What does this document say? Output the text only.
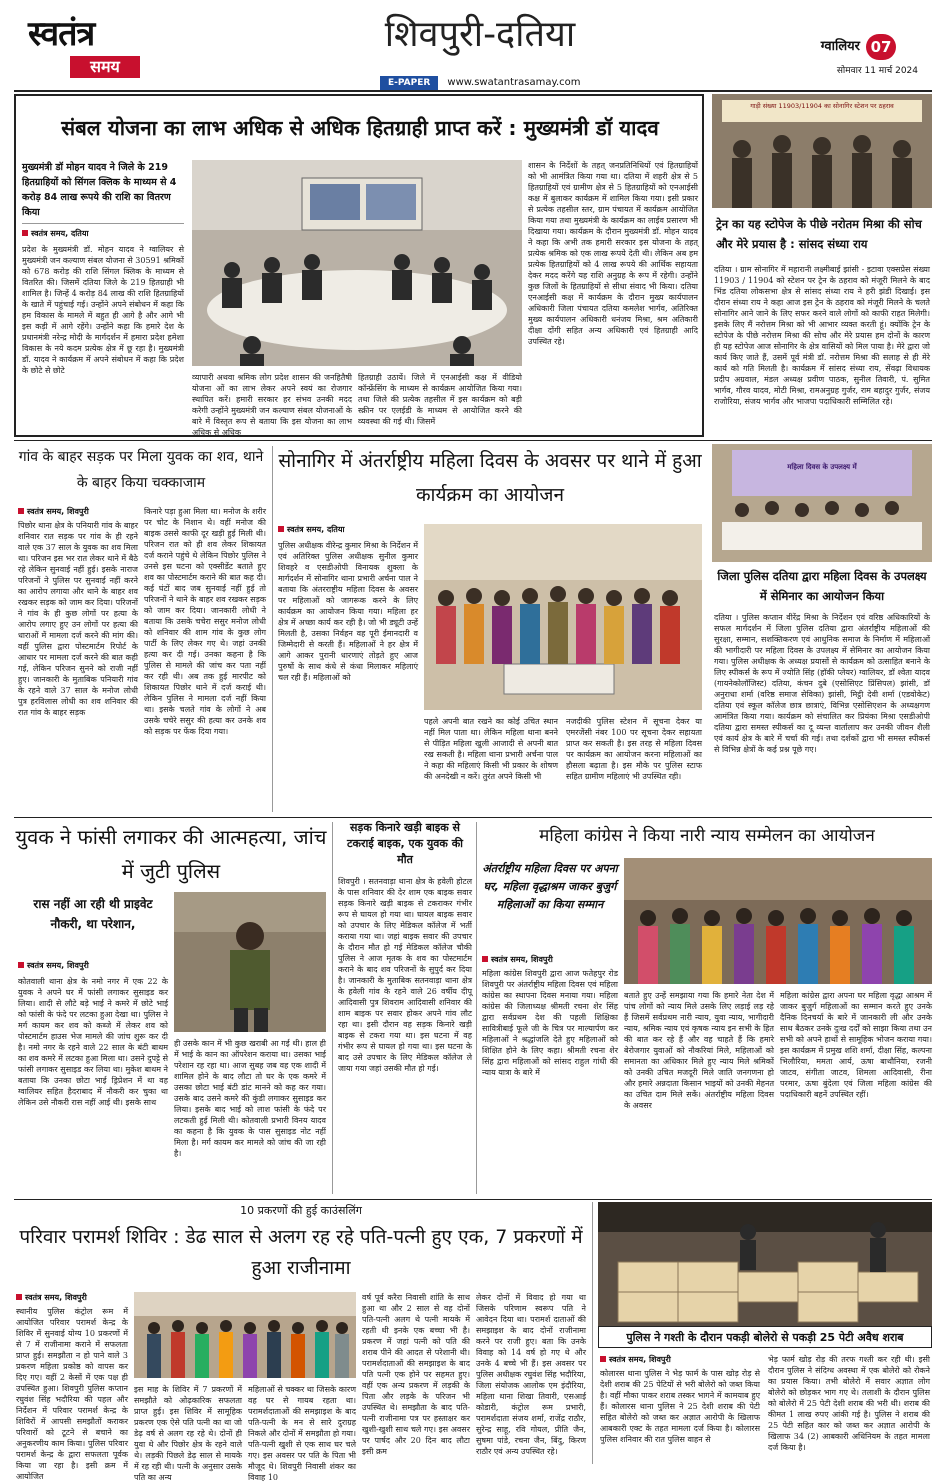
स्वतंत्र
समय
शिवपुरी-दतिया
E-PAPER www.swatantrasamay.com
ग्वालियर 07
सोमवार 11 मार्च 2024
संबल योजना का लाभ अधिक से अधिक हितग्राही प्राप्त करें : मुख्यमंत्री डॉ यादव
मुख्यमंत्री डॉ मोहन यादव ने जिले के 219 हितग्राहियों को सिंगल क्लिक के माध्यम से 4 करोड़ 84 लाख रूपये की राशि का वितरण किया
स्वतंत्र समय, दतिया
प्रदेश के मुख्यमंत्री डॉ. मोहन यादव ने ग्वालियर से मुख्यमंत्री जन कल्याण संबल योजना से 30591 श्रमिकों को 678 करोड़ की राशि सिंगल क्लिक के माध्यम से वितरित की। जिसमें दतिया जिले के 219 हितग्राही भी शामिल है। जिन्हें 4 करोड़ 84 लाख की राशि हितग्राहियों के खाते में पहुंचाई गई। उन्होंने अपने संबोधन में कहा कि हम विकास के मामले में बहुत ही आगे है और आगे भी इस कड़ी में आगे रहेंगे। उन्होंने कहा कि हमारे देश के प्रधानमंत्री नरेन्द्र मोदी के मार्गदर्शन में हमारा प्रदेश हमेशा विकास के नये कदम प्रत्येक क्षेत्र में छू रहा है। मुख्यमंत्री डॉ. यादव ने कार्यक्रम में अपने संबोधन में कहा कि प्रदेश के छोटे से छोटे
व्यापारी अथवा श्रमिक लोग प्रदेश शासन की जनहितैषी योजना ओं का लाभ लेकर अपने स्वयं का रोजगार स्थापित करें। हमारी सरकार हर संभव उनकी मदद करेगी उन्होंने मुख्यमंत्री जन कल्याण संबल योजनाओं के बारे में विस्तृत रूप से बताया कि इस योजना का लाभ अधिक से अधिक
हितग्राही उठायें। जिले में एनआईसी कक्ष में वीडियो कॉन्फ्रेंसिंग के माध्यम से कार्यक्रम आयोजित किया गया। तथा जिले की प्रत्येक तहसील में इस कार्यक्रम को बड़ी स्क्रीन पर एलईडी के माध्यम से आयोजित करने की व्यवस्था की गई थी। जिसमें
शासन के निर्देशों के तहत् जनप्रतिनिधियों एवं हितग्राहियों को भी आमंत्रित किया गया था। दतिया में शहरी क्षेत्र से 5 हितग्राहियों एवं ग्रामीण क्षेत्र से 5 हितग्राहियों को एनआईसी कक्ष में बुलाकर कार्यक्रम में शामिल किया गया। इसी प्रकार से प्रत्येक तहसील स्तर, ग्राम पंचायत में कार्यक्रम आयोजित किया गया तथा मुख्यमंत्री के कार्यक्रम का लाईव प्रसारण भी दिखाया गया। कार्यक्रम के दौरान मुख्यमंत्री डॉ. मोहन यादव ने कहा कि अभी तक हमारी सरकार इस योजना के तहत् प्रत्येक श्रमिक को एक लाख रूपये देती थी। लेकिन अब हम प्रत्येक हितग्राहियों को 4 लाख रूपये की आर्थिक सहायता देकर मदद करेंगे यह राशि अनुग्रह के रूप में रहेगी। उन्होंने कुछ जिलों के हितग्राहियों से सीधा संवाद भी किया। दतिया एनआईसी कक्ष में कार्यक्रम के दौरान मुख्य कार्यपालन अधिकारी जिला पंचायत दतिया कमलेश भार्गव, अतिरिक्त मुख्य कार्यपालन अधिकारी धनंजय मिश्रा, श्रम अतिकारी दीक्षा दोंगी सहित अन्य अधिकारी एवं हितग्राही आदि उपस्थित रहे।
गाड़ी संख्या 11903/11904 का सोनागिर स्टेशन पर ठहराव
ट्रेन का यह स्टोपेज के पीछे नरोतम मिश्रा की सोच और मेरे प्रयास है : सांसद संध्या राय
दतिया । ग्राम सोनागिर में महारानी लक्ष्मीबाई झांसी - इटावा एक्सप्रेस संख्या 11903 / 11904 को स्टेशन पर ट्रेन के ठहराव को मंजूरी मिलने के बाद भिंड दतिया लोकसभा क्षेत्र से सांसद संध्या राय ने हरी झंडी दिखाई। इस दौरान संध्या राय ने कहा आज इस ट्रेन के ठहराव को मंजूरी मिलने के चलते सोनागिर आने जाने के लिए सफर करने वाले लोगों को काफी राहत मिलेगी। इसके लिए मैं नरोत्तम मिश्रा को भी आभार व्यक्त करती हूं। क्योंकि ट्रेन के स्टोपेज के पीछे नरोत्तम मिश्रा की सोच और मेरे प्रयास हम दोनों के कारण ही यह स्टोपेज आज सोनागिर के क्षेत्र वासियों को मिल पाया है। मेरे द्वारा जो कार्य किए जाते हैं, उसमें पूर्व मंत्री डॉ. नरोत्तम मिश्रा की सलाह से ही मेरे कार्य को गति मिलती है। कार्यक्रम में सांसद संध्या राय, सेंवढ़ा विधायक प्रदीप अग्रवाल, मंडल अध्यक्ष प्रवीण पाठक, सुनील तिवारी, पं. सुमित भार्गव, गौरव यादव, मोटी मिश्रा, रामअनुग्रह गुर्जर, राम बहादुर गुर्जर, संजय राजोरिया, संजय भार्गव और भाजपा पदाधिकारी सम्मिलित रहे।
गांव के बाहर सड़क पर मिला युवक का शव, थाने के बाहर किया चक्काजाम
स्वतंत्र समय, शिवपुरी
पिछोर थाना क्षेत्र के पनियारी गांव के बाहर शनिवार रात सड़क पर गांव के ही रहने वाले एक 37 साल के युवक का शव मिला था। परिजन इस भर रात लेकर थाने में बैठे रहे लेकिन सुनवाई नहीं हुई। इसके नाराज परिजनों ने पुलिस पर सुनवाई नहीं करने का आरोप लगाया और थाने के बाहर शव रखकर सड़क को जाम कर दिया। परिजनों ने गांव के ही कुछ लोगों पर हत्या के आरोप लगाए हुए उन लोगों पर हत्या की धाराओं में मामला दर्ज करने की मांग की। वहीं पुलिस द्वारा पोस्टमार्टम रिपोर्ट के आधार पर मामला दर्ज करने की बात कही गई, लेकिन परिजन सुनने को राजी नहीं हुए। जानकारी के मुताबिक पनियारी गांव के रहने वाले 37 साल के मनोज लोधी पुत्र हरविलास लोधी का शव शनिवार की रात गांव के बाहर सड़क
किनारे पड़ा हुआ मिला था। मनोज के शरीर पर चोट के निशान थे। वहीं मनोज की बाइक उससे काफी दूर खड़ी हुई मिली थी। परिजन रात को ही शव लेकर शिकायत दर्ज कराने पहुंचे थे लेकिन पिछोर पुलिस ने उनसे इस घटना को एक्सीडेंट बताते हुए शव का पोस्टमार्टम कराने की बात कह दी। कई घंटों बाद जब सुनवाई नहीं हुई तो परिजनों ने थाने के बाहर शव रखकर सड़क को जाम कर दिया। जानकारी लोधी ने बताया कि उसके चचेरा ससुर मनोज लोधी को शनिवार की शाम गांव के कुछ लोग पार्टी के लिए लेकर गए थे। जहां उनकी हत्या कर दी गई। उनका कहना है कि पुलिस से मामले की जांच कर पता नहीं कर रही थी। अब तक हुई मारपीट को शिकायत पिछोर थाने में दर्ज कराई थी। लेकिन पुलिस ने मामला दर्ज नहीं किया था। इसके चलते गांव के लोगों ने अब उसके चचेरे ससुर की हत्या कर उनके शव को सड़क पर फेंक दिया गया।
सोनागिर में अंतर्राष्ट्रीय महिला दिवस के अवसर पर थाने में हुआ कार्यक्रम का आयोजन
स्वतंत्र समय, दतिया
पुलिस अधीक्षक वीरेन्द्र कुमार मिश्रा के निर्देशन में एवं अतिरिक्त पुलिस अधीक्षक सुनील कुमार शिवहरे व एसडीओपी विनायक शुक्ला के मार्गदर्शन में सोनागिर थाना प्रभारी अर्चना पाल ने बताया कि अंतरराष्ट्रीय महिला दिवस के अवसर पर महिलाओं को जागरूक करने के लिए कार्यक्रम का आयोजन किया गया। महिला हर क्षेत्र में अच्छा कार्य कर रही है। जो भी ड्यूटी उन्हें मिलती है, उसका निर्वहन वह पूरी ईमानदारी व जिम्मेदारी से करती हैं। महिलाओं ने हर क्षेत्र में आगे आकर पुरानी धारणाएं तोड़ते हुए आज पुरुषों के साथ कंधे से कंधा मिलाकर महिलाएं चल रही हैं। महिलाओं को
पहले अपनी बात रखने का कोई उचित स्थान नहीं मिल पाता था। लेकिन महिला थाना बनने से पीड़ित महिला खुली आजादी से अपनी बात रख सकती है। महिला थाना प्रभारी अर्चना पाल ने कहा की महिलाएं किसी भी प्रकार के शोषण की अनदेखी न करें। तुरंत अपने किसी भी
नजदीकी पुलिस स्टेशन में सूचना देकर या एमरजेंसी नंबर 100 पर सूचना देकर सहायता प्राप्त कर सकती है। इस तरह से महिला दिवस पर कार्यक्रम का आयोजन करना महिलाओं का हौसला बढ़ाता है। इस मौके पर पुलिस स्टाफ सहित ग्रामीण महिलाएं भी उपस्थित रही।
महिला दिवस के उपलक्ष्य में
जिला पुलिस दतिया द्वारा महिला दिवस के उपलक्ष्य में सेमिनार का आयोजन किया
दतिया । पुलिस कप्तान वीरेंद्र मिश्रा के निर्देशन एवं वरिष्ठ अधिकारियों के सफल मार्गदर्शन में जिला पुलिस दतिया द्वारा अंतर्राष्ट्रीय महिलाओं की सुरक्षा, सम्मान, सशक्तिकरण एवं आधुनिक समाज के निर्माण में महिलाओं की भागीदारी पर महिला दिवस के उपलक्ष्य में सेमिनार का आयोजन किया गया। पुलिस अधीक्षक के अध्यक्ष प्रयासों से कार्यक्रम को उत्साहित बनाने के लिए स्पीकर्स के रूप में ज्योति सिंह (हॉकी प्लेयर) ग्वालियर, डॉ श्वेता यादव (गायनेकोलॉजिस्ट) दतिया, कंचन दुबे (एसोसिएट प्रिंसिपल) झांसी, डॉ अनुराधा शर्मा (वरिष्ठ समाज सेविका) झांसी, मिट्ठी देवी शर्मा (एडवोकेट) दतिया एवं स्कूल कॉलेज छात्र छात्राएं, विभिन्न एसोसिएशन के अध्यक्षगण आमंत्रित किया गया। कार्यक्रम को संचालित कर प्रियंका मिश्रा एसडीओपी दतिया द्वारा समस्त स्पीकर्स का दू व्यन्त वार्तालाप कर उनकी जीवन शैली एवं कार्य क्षेत्र के बारे में चर्चा की गई। तथा दर्शकों द्वारा भी समस्त स्पीकर्स से विभिन्न क्षेत्रों के कई प्रश्न पूछे गए।
युवक ने फांसी लगाकर की आत्महत्या, जांच में जुटी पुलिस
रास नहीं आ रही थी प्राइवेट नौकरी, था परेशान,
स्वतंत्र समय, शिवपुरी
कोतवाली थाना क्षेत्र के नमो नगर में एक 22 के युवक ने अपने घर में फांसी लगाकर सुसाइड कर लिया। शादी से लौटे बड़े भाई ने कमरे में छोटे भाई को फांसी के फंदे पर लटका हुआ देखा था। पुलिस ने मर्ग कायम कर शव को कब्जे में लेकर शव को पोस्टमार्टम हाउस भेज मामले की जांच शुरू कर दी है। नमो नगर के रहने वाले 22 साल के बंटी बाथम का शव कमरे में लटका हुआ मिला था। उसने दुपट्टे से फांसी लगाकर सुसाइड कर लिया था। मुकेश बाथम ने बताया कि उनका छोटा भाई ड्रिप्रेशन में था वह ग्वालियर सहित हैदराबाद में नौकरी कर चुका था लेकिन उसे नौकरी रास नहीं आई थी। इसके साथ
ही उसके कान में भी कुछ खराबी आ गई थी। हाल ही में भाई के कान का ऑपरेशन कराया था। उसका भाई परेशान रह रहा था। आज सुबह जब वह एक शादी में शामिल होने के बाद लौटा तो घर के एक कमरे में उसका छोटा भाई बंटी डांट मानने को कह कर गया। उसके बाद उसने कमरे की कुंडी लगाकर सुसाइड कर लिया। इसके बाद भाई को लाश फांसी के फंदे पर लटकती हुई मिली थी। कोतवाली प्रभारी विनय यादव का कहना है कि युवक के पास सुसाइड नोट नहीं मिला है। मर्ग कायम कर मामले को जांच की जा रही है।
सड़क किनारे खड़ी बाइक से टकराई बाइक, एक युवक की मौत
शिवपुरी । सतनवाड़ा थाना क्षेत्र के हवेली होटल के पास शनिवार की देर शाम एक बाइक सवार सड़क किनारे खड़ी बाइक से टकराकर गंभीर रूप से घायल हो गया था। घायल बाइक सवार को उपचार के लिए मेडिकल कॉलेज में भर्ती कराया गया था। जहां बाइक सवार की उपचार के दौरान मौत हो गई मेडिकल कॉलेज चौकी पुलिस ने आज मृतक के शव का पोस्टमार्टम कराने के बाद शव परिजनों के सुपुर्द कर दिया है। जानकारी के मुताबिक सतनवाड़ा थाना क्षेत्र के हवेली गांव के रहने वाले 26 वर्षीय दीपू आदिवासी पुत्र शिवराम आदिवासी शनिवार की शाम बाइक पर सवार होकर अपने गांव लौट रहा था। इसी दौरान वह सड़क किनारे खड़ी बाइक से टकरा गया था। इस घटना में वह गंभीर रूप से घायल हो गया था। इस घटना के बाद उसे उपचार के लिए मेडिकल कॉलेज ले जाया गया जहां उसकी मौत हो गई।
महिला कांग्रेस ने किया नारी न्याय सम्मेलन का आयोजन
अंतर्राष्ट्रीय महिला दिवस पर अपना घर, महिला वृद्धाश्रम जाकर बुजुर्ग महिलाओं का किया सम्मान
स्वतंत्र समय, शिवपुरी
महिला कांग्रेस शिवपुरी द्वारा आज फतेहपुर रोड शिवपुरी पर अंतर्राष्ट्रीय महिला दिवस एवं महिला कांग्रेस का स्थापना दिवस मनाया गया। महिला कांग्रेस की जिलाध्यक्ष श्रीमती रचना शेर सिंह द्वारा सर्वप्रथम देश की पहली शिक्षिका सावित्रीबाई फूले जी के चित्र पर माल्यार्पण कर महिलाओं ने श्रद्धांजलि देते हुए महिलाओं को शिक्षित होने के लिए कहा। श्रीमती रचना शेर सिंह द्वारा महिलाओं को सांसद राहुल गांधी की न्याय यात्रा के बारे में
बताते हुए उन्हें समझाया गया कि हमारे नेता देश में पांच लोगों को न्याय मिले उसके लिए लड़ाई लड़ रहे हैं जिसमें सर्वप्रथम नारी न्याय, युवा न्याय, भागीदारी न्याय, श्रमिक न्याय एवं कृषक न्याय इन सभी के हित की बात कर रहे हैं और वह चाहते हैं कि हमारे बेरोजगार युवाओं को नौकरियां मिले, महिलाओं को समानता का अधिकार मिले हुए न्याय मिले श्रमिकों को उनकी उचित मजदूरी मिले जाति जनगणना हो और हमारे अन्नदाता किसान भाइयों को उनकी मेहनत का उचित दाम मिले सकें। अंतर्राष्ट्रीय महिला दिवस के अवसर
महिला कांग्रेस द्वारा अपना घर महिला वृद्धा आश्रम में जाकर बुजुर्ग महिलाओं का सम्मान करते हुए उनके दैनिक दिनचर्या के बारे में जानकारी ली और उनके साथ बैठकर उनके दुःख दर्दों को साझा किया तथा उन सभी को अपने हाथों से सामूहिक भोजन कराया गया। इस कार्यक्रम में प्रमुख शशि शर्मा, दीक्षा सिंह, कल्पना भिलौरिया, ममता आर्य, ऊषा बाथौनिया, रजनी जाटव, संगीता जाटव, शिमला आदिवासी, रीना परमार, ऊषा बुंदेला एवं जिला महिला कांग्रेस की पदाधिकारी बहनें उपस्थित रहीं।
10 प्रकरणों की हुई काउंसलिंग
परिवार परामर्श शिविर : डेढ साल से अलग रह रहे पति-पत्नी हुए एक, 7 प्रकरणों में हुआ राजीनामा
स्वतंत्र समय, शिवपुरी
स्थानीय पुलिस कंट्रोल रूम में आयोजित परिवार परामर्श केन्द्र के शिविर में सुनवाई योग्य 10 प्रकरणों में से 7 में राजीनामा कराने में सफलता प्राप्त हुई। समझौता न हो पाने वाले 3 प्रकरण महिला प्रकोष्ठ को वापस कर दिए गए। वहीं 2 केसों में एक पक्ष ही उपस्थित हुआ। शिवपुरी पुलिस कप्तान रघुवंश सिंह भदौरिया की पहल और निर्देशन में परिवार परामर्श केन्द्र के शिविरों में आपसी समझौतों कराकर परिवारों को टूटने से बचाने का अनुकरणीय काम किया। पुलिस परिवार परामर्श केन्द्र के द्वारा सफलता पूर्वक किया जा रहा है। इसी क्रम में आयोजित
इस माह के शिविर में 7 प्रकरणों में समझौते को ओढ़कारिक सफलता प्राप्त हुई। इस शिविर में सामूहिक प्रकरण एक ऐसे पति पत्नी का था जो डेढ़ वर्ष से अलग रह रहे थे। दोनों ही युवा थे और पिछोर क्षेत्र के रहने वाले थे। लड़की पिछले डेढ़ साल से मायके में रह रही थी। पत्नी के अनुसार उसके पति का अन्य
महिलाओं से चक्कर था जिसके कारण वह घर से गायब रहता था। परामर्शदाताओं की समझाइश के बाद पति-पत्नी के मन से सारे दुराग्रह निकले और दोनों में समझौता हो गया। पति-पत्नी खुशी से एक साथ घर चले गए। इस अवसर पर पति के पिता भी मौजूद थे। शिवपुरी निवासी शंकर का विवाह 10
वर्ष पूर्व करैरा निवासी शांति के साथ हुआ था और 2 साल से वह दोनों पति-पत्नी अलग थे पत्नी मायके में रहती थी इनके एक बच्चा भी है। प्रकरण में जहां पत्नी को पति की शराब पीने की आदत से परेशानी थी। परामर्शदाताओं की समझाइश के बाद पति पत्नी एक होने पर सहमत हुए। वहीं एक अन्य प्रकरण में लड़की के पिता और लड़के के परिजन भी उपस्थित थे। समझौता के बाद पति-पत्नी राजीनामा पत्र पर हस्ताक्षर कर खुशी-खुशी साथ चले गए। इस अवसर पर पार्षद और 20 दिन बाद लौटा इसी क्रम
लेकर दोनों में विवाद हो गया था जिसके परिणाम स्वरूप पति ने आवेदन दिया था। परामर्श दाताओं की समझाइश के बाद दोनों राजीनामा करने पर राजी हुए। बता कि उनके विवाह को 14 वर्ष हो गए थे और उनके 4 बच्चे भी हैं। इस अवसर पर पुलिस अधीक्षक रघुवंश सिंह भदौरिया, जिला संयोजक आलोक एम इंदौरिया, महिला थाना शिखा तिवारी, एसआई कोडारी, कंट्रोल रूम प्रभारी, परामर्शदाता संजय शर्मा, राजेंद्र राठौर, सुरेन्द्र साहू, रवि गोयल, प्रीति जैन, सुषमा पांडे, रचना जैन, बिंदु, किरण राठौर एवं अन्य उपस्थित रहे।
पुलिस ने गश्ती के दौरान पकड़ी बोलेरो से पकड़ी 25 पेटी अवैध शराब
स्वतंत्र समय, शिवपुरी
कोलारस थाना पुलिस ने भेड़ फार्म के पास खोड़ रोड़ से देशी शराब की 25 पेटियों से भरी बोलेरो को जब्त किया है। वहीं मौका पाकर शराब तस्कर भागने में कामयाब हुए हैं। कोलारस थाना पुलिस ने 25 देशी शराब की पेटी सहित बोलेरो को जब्त कर अज्ञात आरोपी के खिलाफ आबकारी एक्ट के तहत मामला दर्ज किया है। कोलारस पुलिस शनिवार की रात पुलिस वाहन से
भेड़ फार्म खोड़ रोड़ की तरफ गश्ती कर रही थी। इसी दौरान पुलिस ने संदिग्ध अवस्था में एक बोलेरो को रोकने का प्रयास किया। तभी बोलेरो में सवार अज्ञात लोग बोलेरो को छोड़कर भाग गए थे। तलाशी के दौरान पुलिस को बोलेरो में 25 पेटी देशी शराब की भरी थी। शराब की कीमत 1 लाख रुपए आंकी गई है। पुलिस ने शराब की 25 पेटी सहित कार को जब्त कर अज्ञात आरोपी के खिलाफ 34 (2) आबकारी अधिनियम के तहत मामला दर्ज किया है।
